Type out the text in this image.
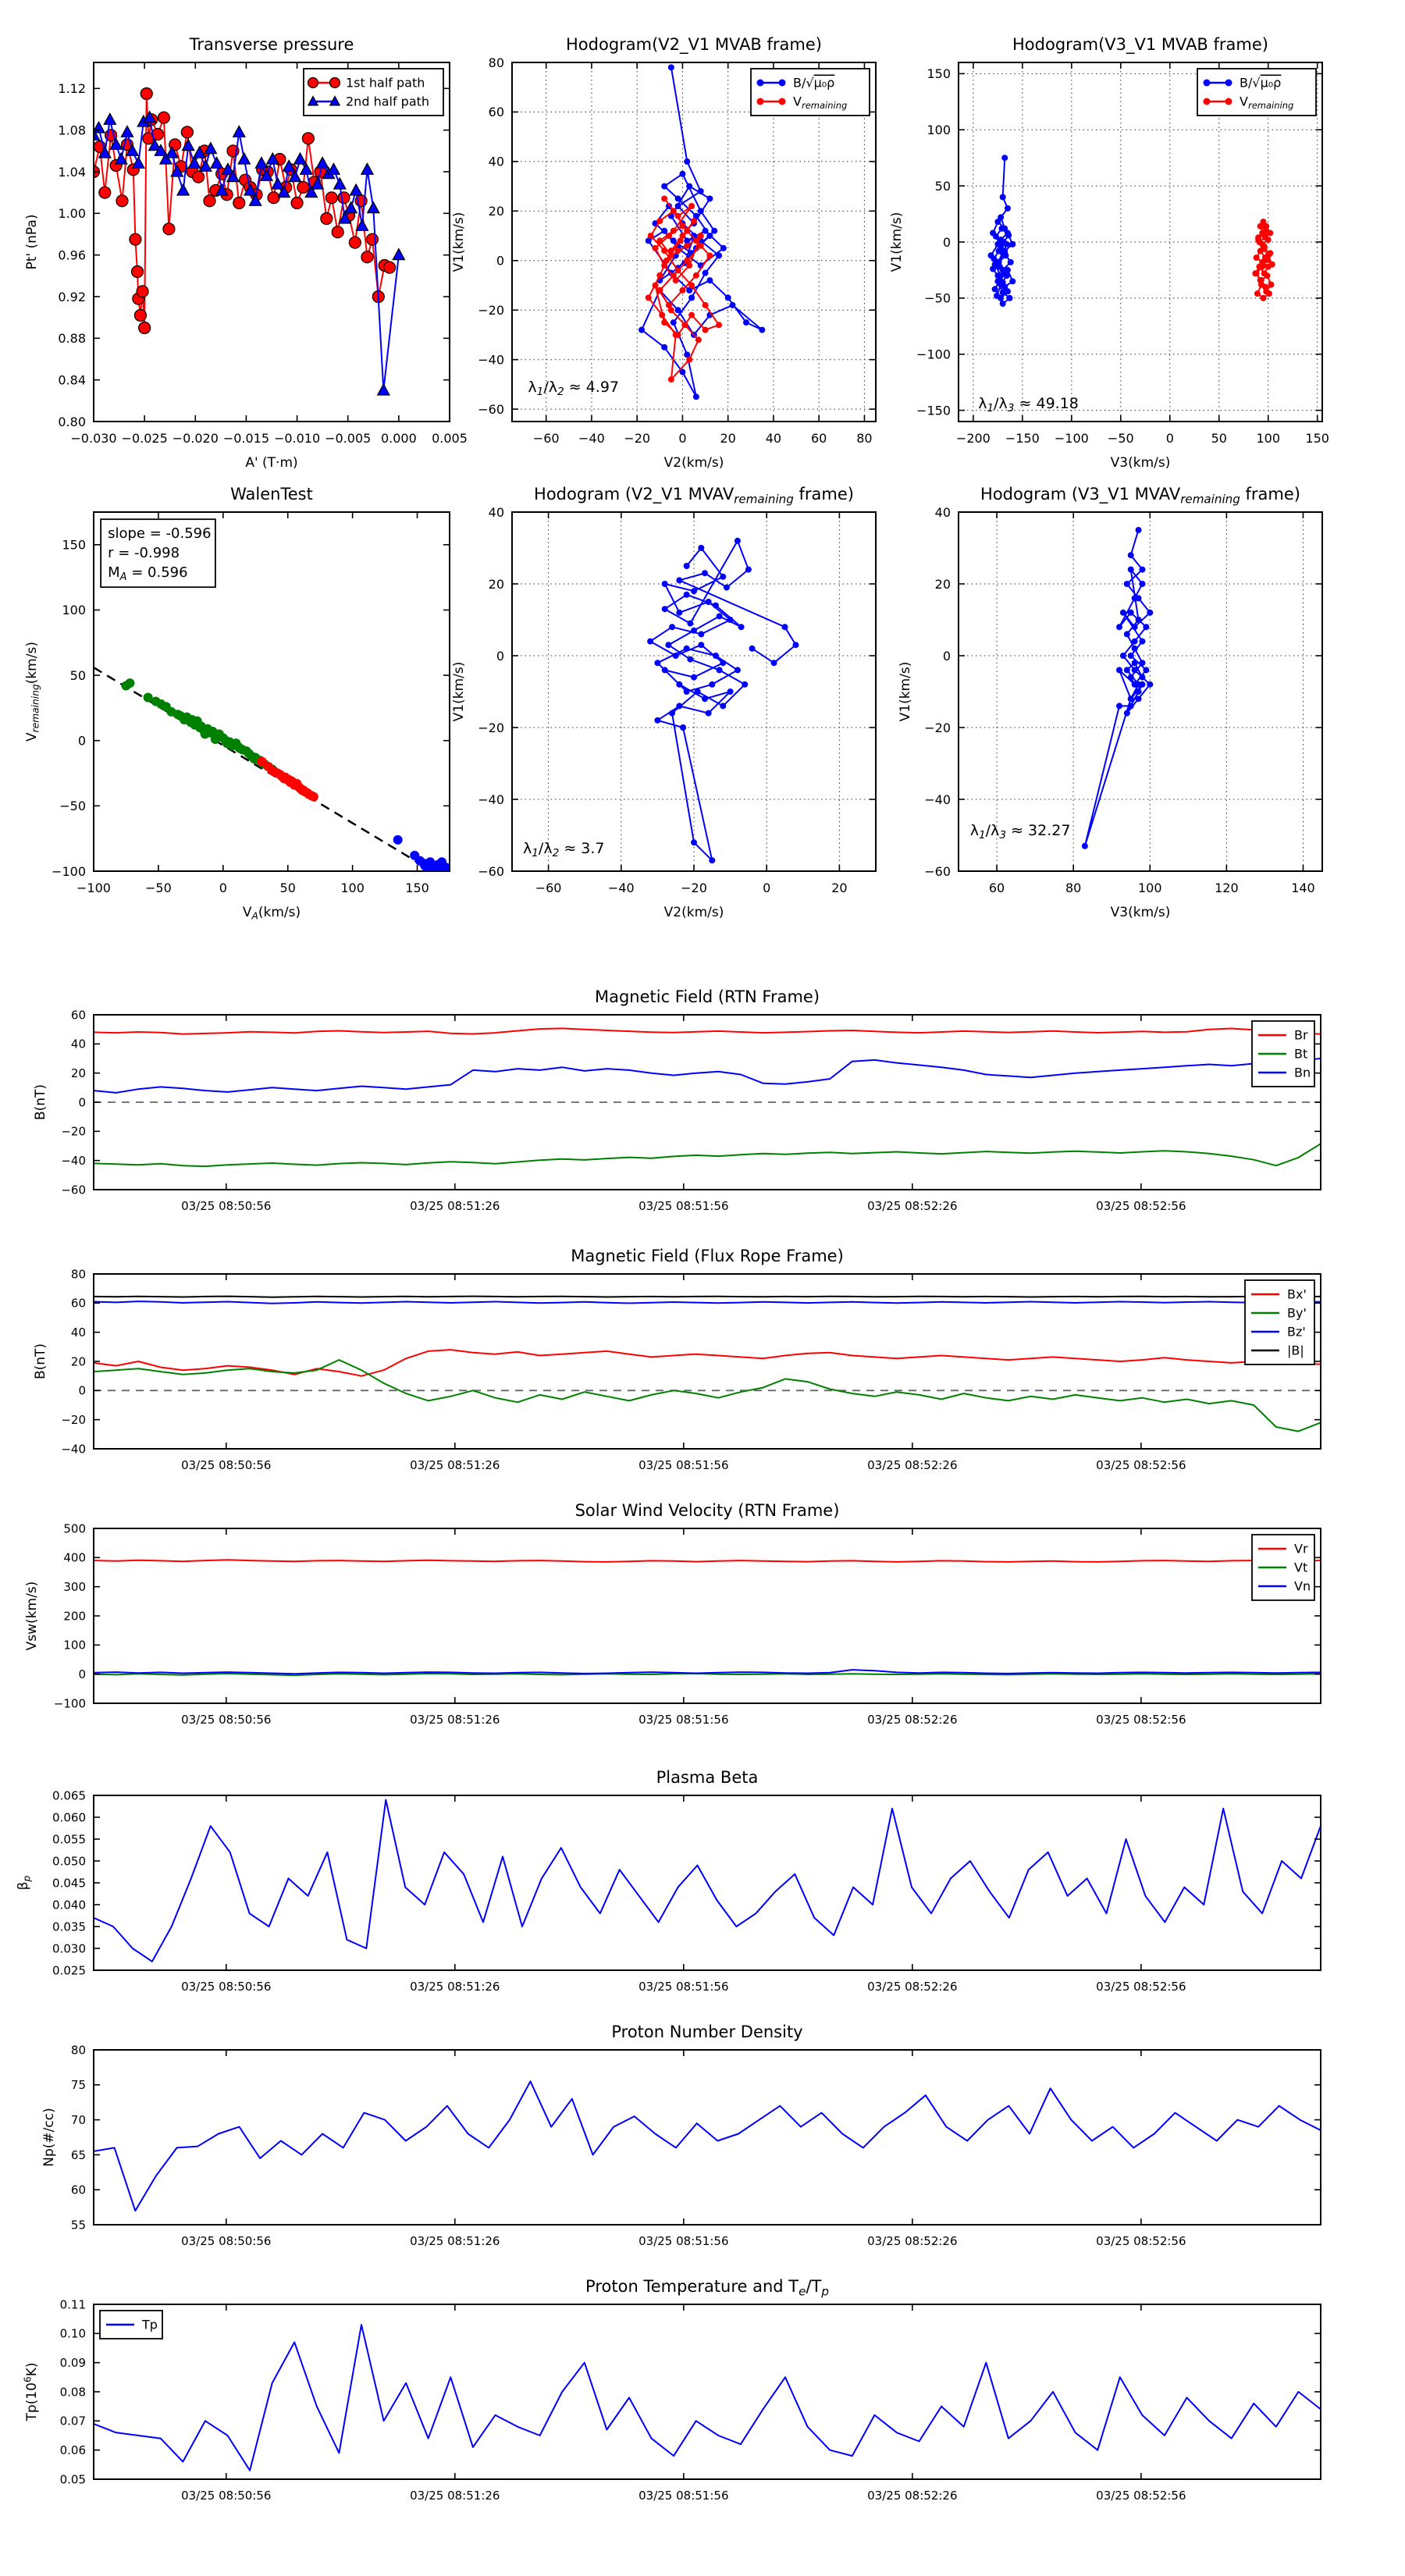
−0.030 −0.025 −0.020 −0.015 −0.010 −0.005 0.000 0.005
0.80
0.84
0.88
0.92
0.96
1.00
1.04
1.08
1.12
Transverse pressure
A' (T·m)
Pt' (nPa)
1st half path
2nd half path
−60 −40 −20 0	20 40 60 80
−60
−40
−20
0
20
40
60
80
Hodogram(V2_V1 MVAB frame)
V2(km/s)
V1(km/s)
B/√μ₀ρ
$V_{remaining}$
$\lambda_1/\lambda_2 \approx 4.97$
−200 −150 −100 −50	0	50 100 150
−150
−100
−50
0
50
100
150
Hodogram(V3_V1 MVAB frame)
V3(km/s)
V1(km/s)
B/√μ₀ρ
$V_{remaining}$
$\lambda_1/\lambda_3 \approx 49.18$
−100	−50	0	50	100	150
−100
−50
0
50
100
150
WalenTest
$V_A(km/s)$
$V_{remaining}(km/s)$
slope = -0.596
r = -0.998
$M_A = 0.596$
−60	−40	−20	0	20
−60
−40
−20
0
20
40
Hodogram (V2_V1 $MVAV_{remaining}$ frame)
V2(km/s)
V1(km/s)
$\lambda_1/\lambda_2 \approx 3.7$
60	80	100	120	140
−60
−40
−20
0
20
40
Hodogram (V3_V1 $MVAV_{remaining}$ frame)
V3(km/s)
V1(km/s)
$\lambda_1/\lambda_3 \approx 32.27$
03/25 08:50:56	03/25 08:51:26	03/25 08:51:56	03/25 08:52:26	03/25 08:52:56
−60
−40
−20
0
20
40
60
Magnetic Field (RTN Frame)
B(nT)
Br
Bt
Bn
03/25 08:50:56	03/25 08:51:26	03/25 08:51:56	03/25 08:52:26	03/25 08:52:56
−40
−20
0
20
40
60
80
Magnetic Field (Flux Rope Frame)
B(nT)
Bx'
By'
Bz'
|B|
03/25 08:50:56	03/25 08:51:26	03/25 08:51:56	03/25 08:52:26	03/25 08:52:56
−100
0
100
200
300
400
500
Solar Wind Velocity (RTN Frame)
Vsw(km/s)
Vr
Vt
Vn
03/25 08:50:56	03/25 08:51:26	03/25 08:51:56	03/25 08:52:26	03/25 08:52:56
0.025
0.030
0.035
0.040
0.045
0.050
0.055
0.060
0.065
Plasma Beta
$\beta_p$
03/25 08:50:56	03/25 08:51:26	03/25 08:51:56	03/25 08:52:26	03/25 08:52:56
55
60
65
70
75
80
Proton Number Density
Np(#/cc)
03/25 08:50:56	03/25 08:51:26	03/25 08:51:56	03/25 08:52:26	03/25 08:52:56
0.05
0.06
0.07
0.08
0.09
0.10
0.11
Proton Temperature and $T_e/T_p$
$Tp(10^6K)$
Tp
